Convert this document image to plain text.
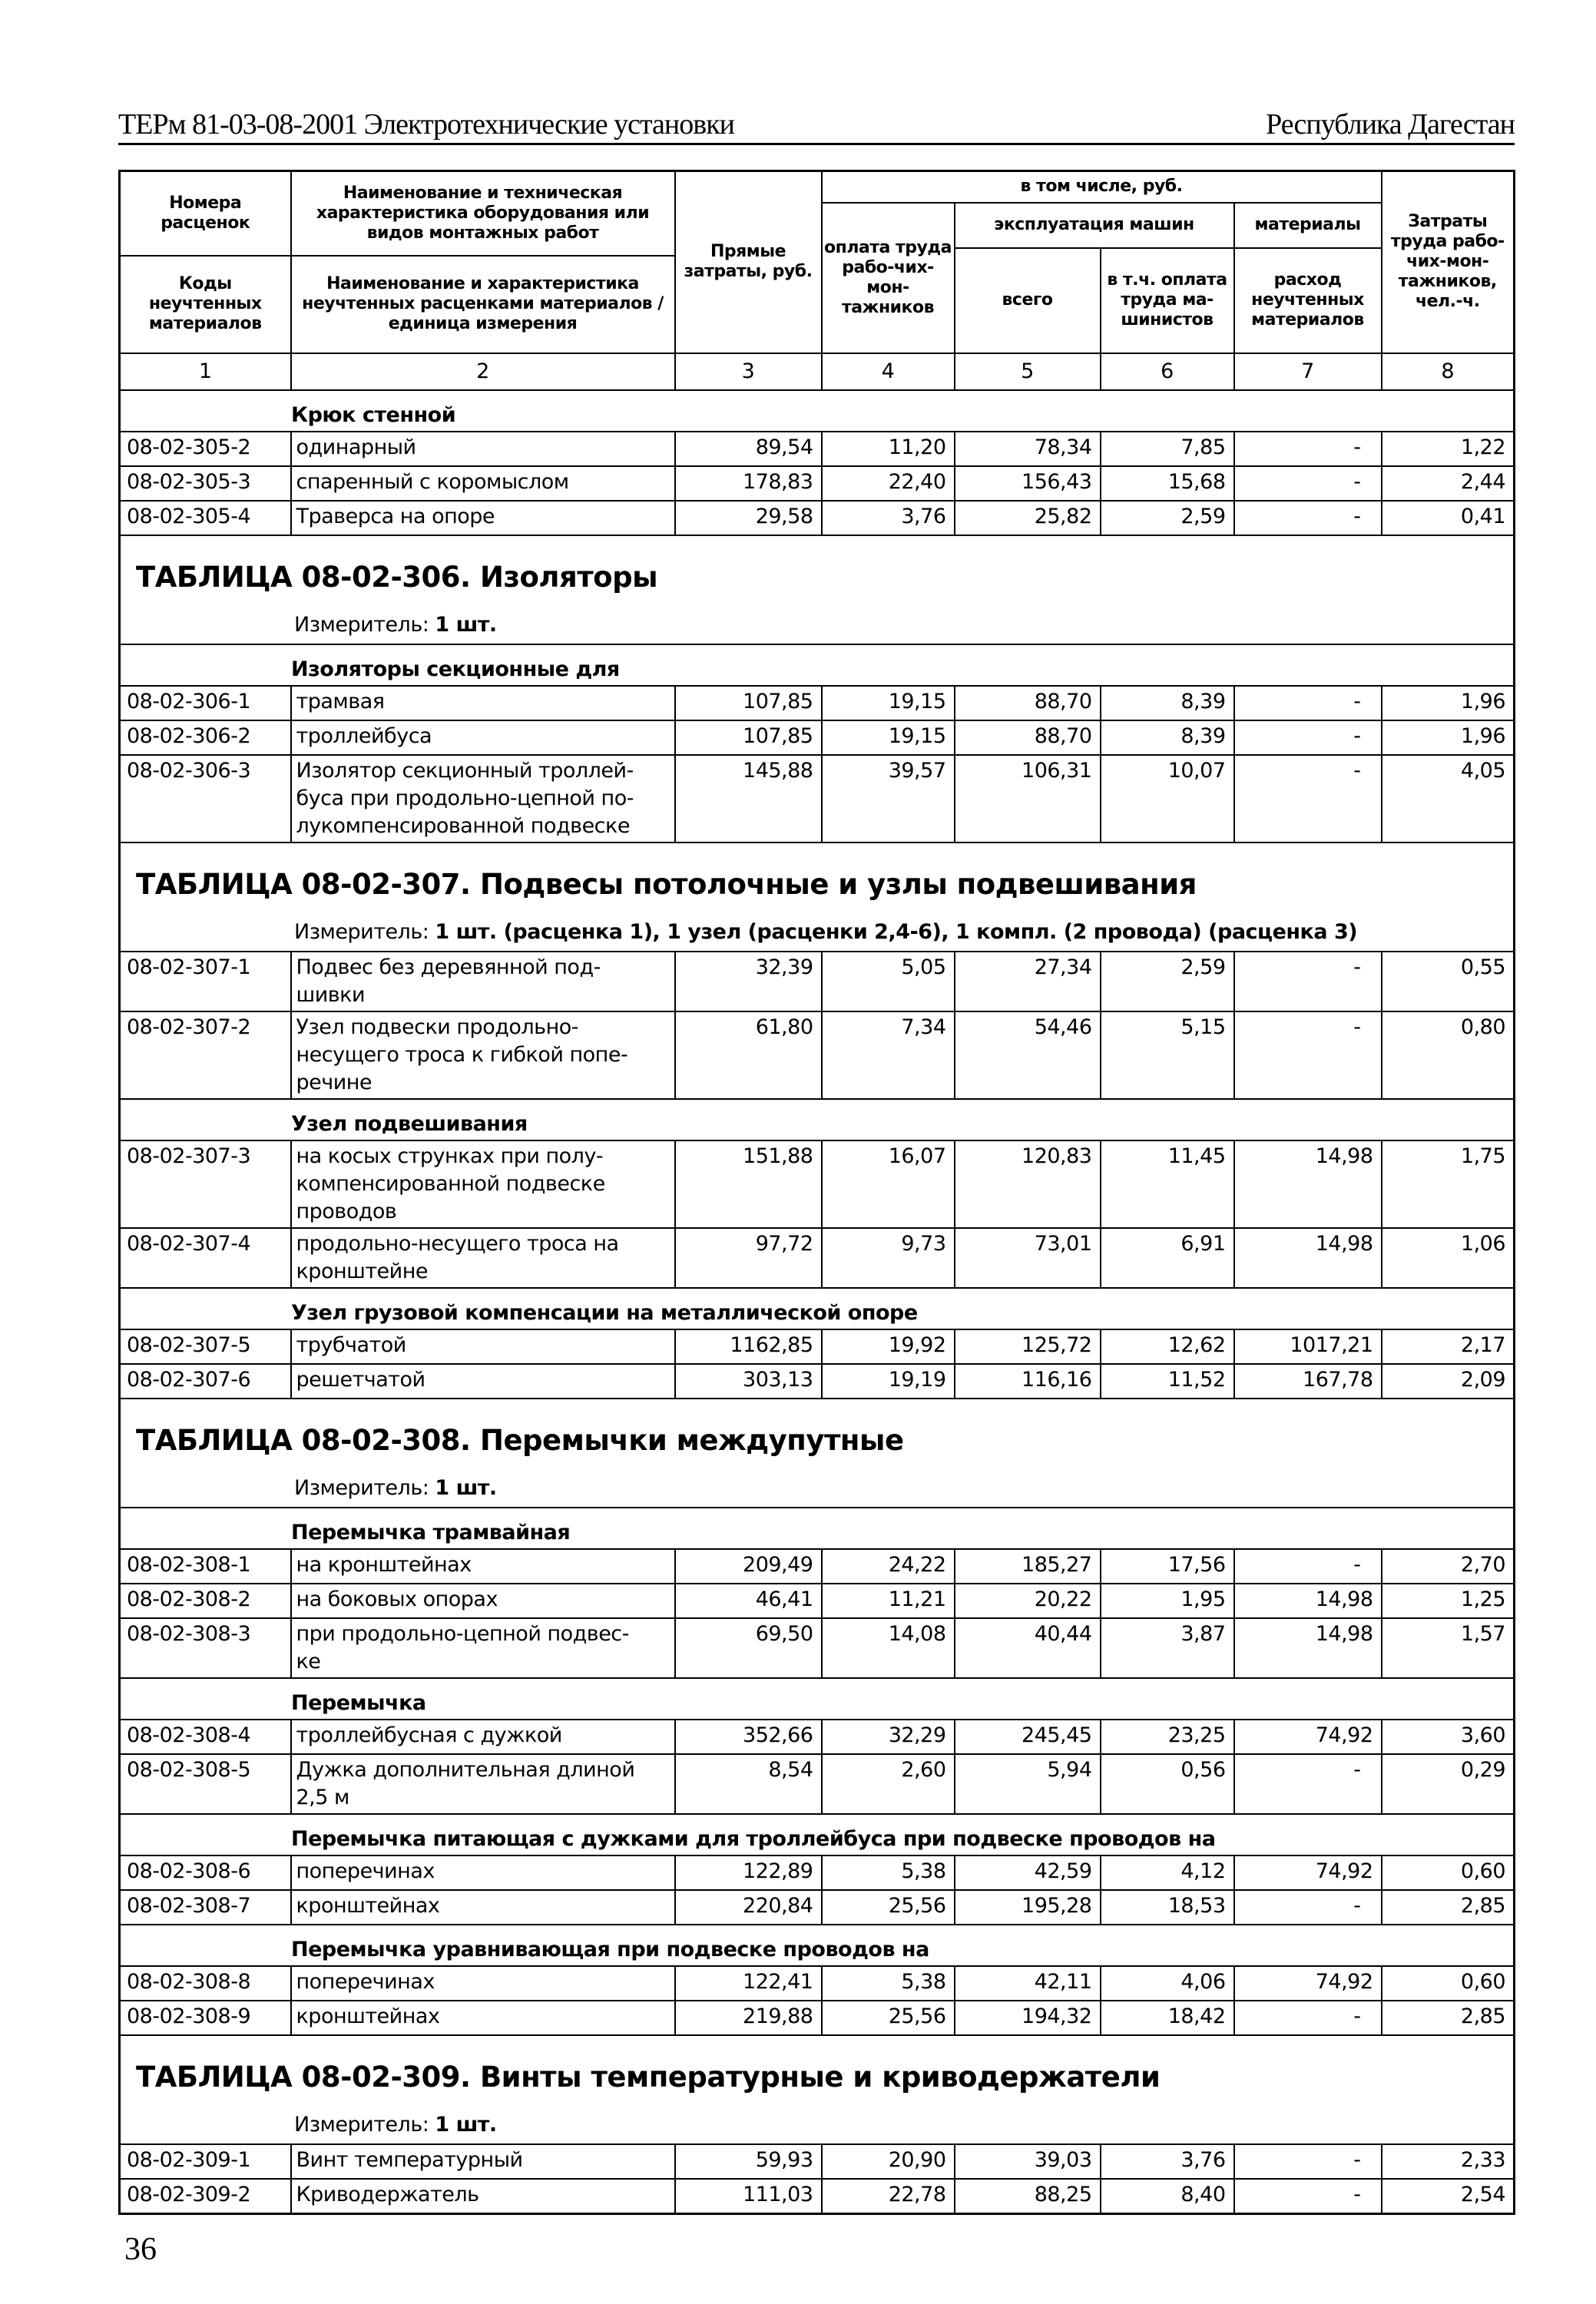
ТЕРм 81-03-08-2001 Электротехнические установки	Республика Дагестан
Номера расценок	Наименование и техническая характеристика оборудования или видов монтажных работ	Прямые затраты, руб.	в том числе, руб.				Затраты труда рабо-чих-мон-тажников, чел.-ч.
			оплата труда рабо-чих-мон-тажников	эксплуатация машин		материалы	
				всего	в т.ч. оплата труда ма-шинистов	расход неучтенных материалов	
Коды неучтенных материалов	Наименование и характеристика неучтенных расценками материалов / единица измерения						
1	2	3	4	5	6	7	8
Крюк стенной							
08-02-305-2	одинарный	89,54	11,20	78,34	7,85	-	1,22
08-02-305-3	спаренный с коромыслом	178,83	22,40	156,43	15,68	-	2,44
08-02-305-4	Траверса на опоре	29,58	3,76	25,82	2,59	-	0,41

ТАБЛИЦА 08-02-306. Изоляторы
Измеритель: 1 шт.							

Изоляторы секционные для							
08-02-306-1	трамвая	107,85	19,15	88,70	8,39	-	1,96
08-02-306-2	троллейбуса	107,85	19,15	88,70	8,39	-	1,96
08-02-306-3	Изолятор секционный троллей-
буса при продольно-цепной по-
лукомпенсированной подвеске	145,88	39,57	106,31	10,07	-	4,05

ТАБЛИЦА 08-02-307. Подвесы потолочные и узлы подвешивания
Измеритель: 1 шт. (расценка 1), 1 узел (расценки 2,4-6), 1 компл. (2 провода) (расценка 3)							

08-02-307-1	Подвес без деревянной под-
шивки	32,39	5,05	27,34	2,59	-	0,55
08-02-307-2	Узел подвески продольно-
несущего троса к гибкой попе-
речине	61,80	7,34	54,46	5,15	-	0,80
Узел подвешивания							
08-02-307-3	на косых струнках при полу-
компенсированной подвеске
проводов	151,88	16,07	120,83	11,45	14,98	1,75
08-02-307-4	продольно-несущего троса на
кронштейне	97,72	9,73	73,01	6,91	14,98	1,06
Узел грузовой компенсации на металлической опоре							
08-02-307-5	трубчатой	1162,85	19,92	125,72	12,62	1017,21	2,17
08-02-307-6	решетчатой	303,13	19,19	116,16	11,52	167,78	2,09

ТАБЛИЦА 08-02-308. Перемычки междупутные
Измеритель: 1 шт.							

Перемычка трамвайная							
08-02-308-1	на кронштейнах	209,49	24,22	185,27	17,56	-	2,70
08-02-308-2	на боковых опорах	46,41	11,21	20,22	1,95	14,98	1,25
08-02-308-3	при продольно-цепной подвес-
ке	69,50	14,08	40,44	3,87	14,98	1,57
Перемычка							
08-02-308-4	троллейбусная с дужкой	352,66	32,29	245,45	23,25	74,92	3,60
08-02-308-5	Дужка дополнительная длиной
2,5 м	8,54	2,60	5,94	0,56	-	0,29
Перемычка питающая с дужками для троллейбуса при подвеске проводов на							
08-02-308-6	поперечинах	122,89	5,38	42,59	4,12	74,92	0,60
08-02-308-7	кронштейнах	220,84	25,56	195,28	18,53	-	2,85
Перемычка уравнивающая при подвеске проводов на							
08-02-308-8	поперечинах	122,41	5,38	42,11	4,06	74,92	0,60
08-02-308-9	кронштейнах	219,88	25,56	194,32	18,42	-	2,85

ТАБЛИЦА 08-02-309. Винты температурные и криводержатели
Измеритель: 1 шт.							

08-02-309-1	Винт температурный	59,93	20,90	39,03	3,76	-	2,33
08-02-309-2	Криводержатель	111,03	22,78	88,25	8,40	-	2,54
36
